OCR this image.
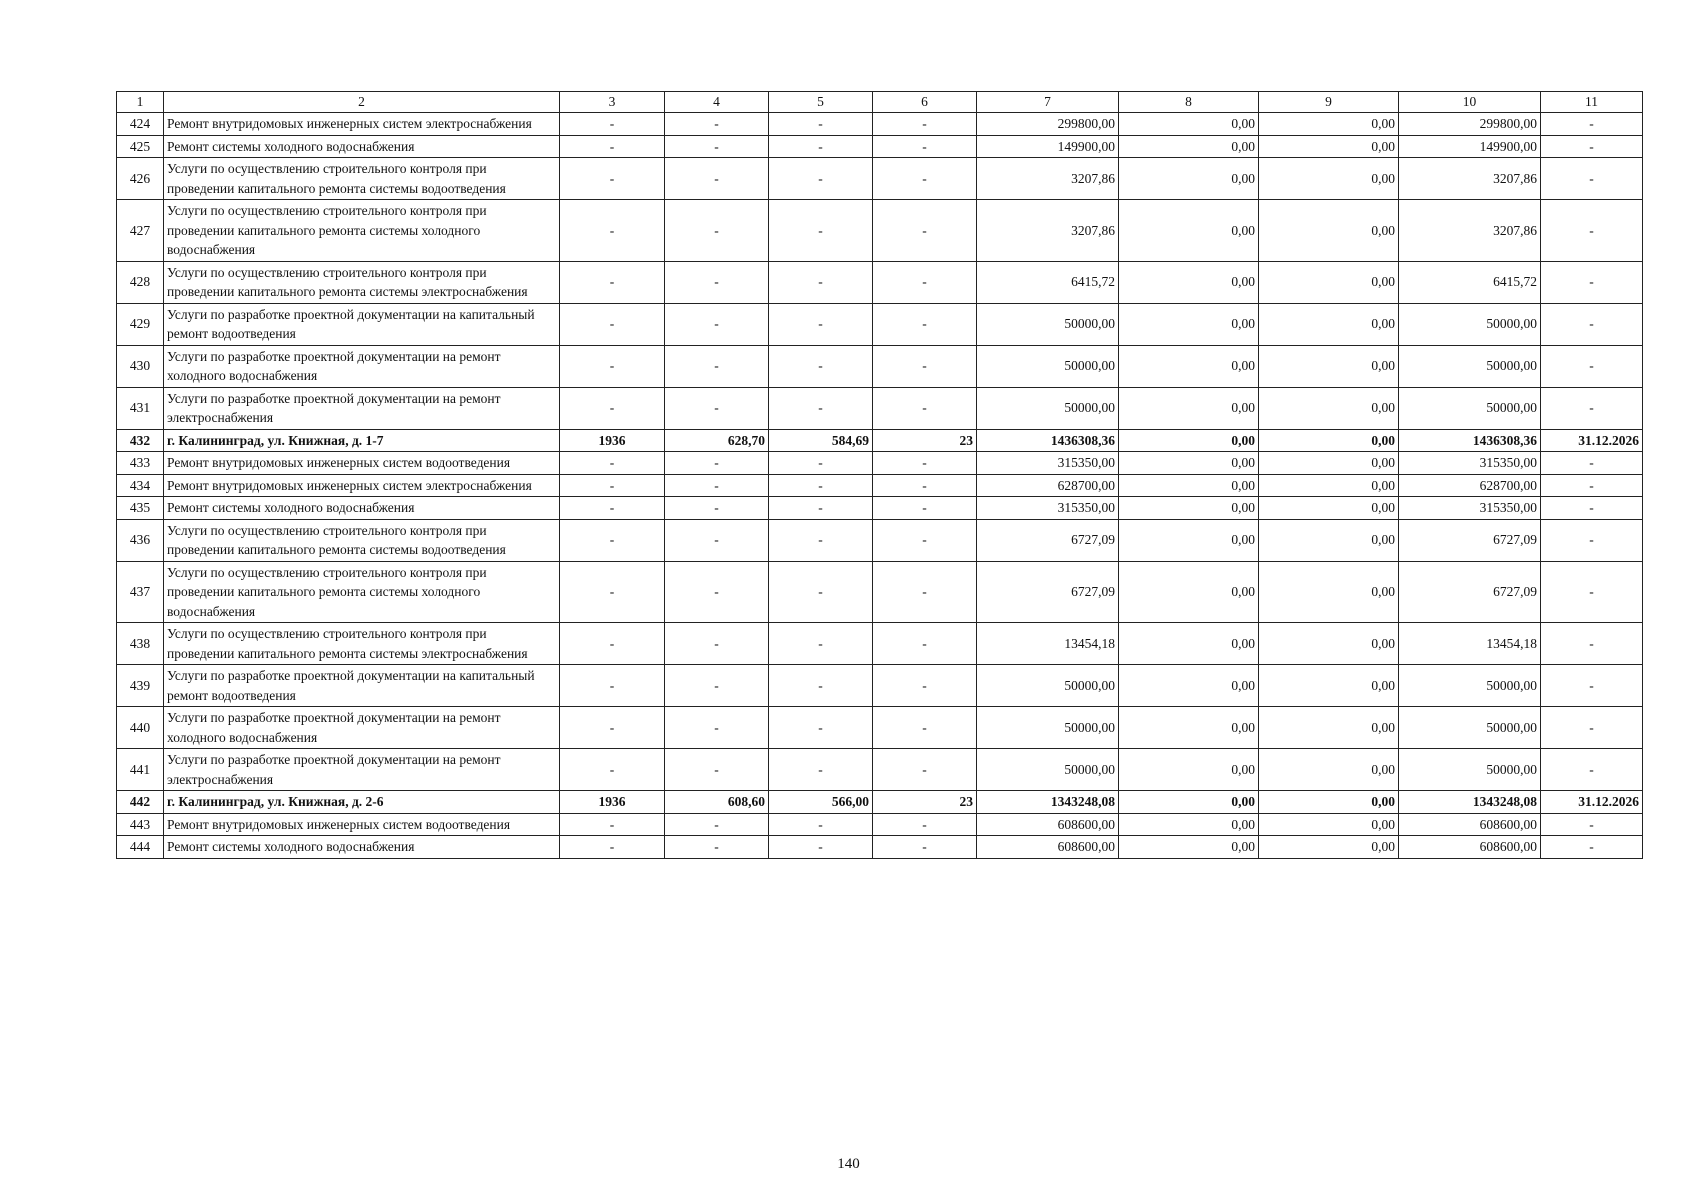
1	2	3	4	5	6	7	8	9	10	11
424	Ремонт внутридомовых инженерных систем электроснабжения	-	-	-	-	299800,00	0,00	0,00	299800,00	-
425	Ремонт системы холодного водоснабжения	-	-	-	-	149900,00	0,00	0,00	149900,00	-
426	Услуги по осуществлению строительного контроля при проведении капитального ремонта системы водоотведения	-	-	-	-	3207,86	0,00	0,00	3207,86	-
427	Услуги по осуществлению строительного контроля при проведении капитального ремонта системы холодного водоснабжения	-	-	-	-	3207,86	0,00	0,00	3207,86	-
428	Услуги по осуществлению строительного контроля при проведении капитального ремонта системы электроснабжения	-	-	-	-	6415,72	0,00	0,00	6415,72	-
429	Услуги по разработке проектной документации на капитальный ремонт водоотведения	-	-	-	-	50000,00	0,00	0,00	50000,00	-
430	Услуги по разработке проектной документации на ремонт холодного водоснабжения	-	-	-	-	50000,00	0,00	0,00	50000,00	-
431	Услуги по разработке проектной документации на ремонт электроснабжения	-	-	-	-	50000,00	0,00	0,00	50000,00	-
432	г. Калининград, ул. Книжная, д. 1-7	1936	628,70	584,69	23	1436308,36	0,00	0,00	1436308,36	31.12.2026
433	Ремонт внутридомовых инженерных систем водоотведения	-	-	-	-	315350,00	0,00	0,00	315350,00	-
434	Ремонт внутридомовых инженерных систем электроснабжения	-	-	-	-	628700,00	0,00	0,00	628700,00	-
435	Ремонт системы холодного водоснабжения	-	-	-	-	315350,00	0,00	0,00	315350,00	-
436	Услуги по осуществлению строительного контроля при проведении капитального ремонта системы водоотведения	-	-	-	-	6727,09	0,00	0,00	6727,09	-
437	Услуги по осуществлению строительного контроля при проведении капитального ремонта системы холодного водоснабжения	-	-	-	-	6727,09	0,00	0,00	6727,09	-
438	Услуги по осуществлению строительного контроля при проведении капитального ремонта системы электроснабжения	-	-	-	-	13454,18	0,00	0,00	13454,18	-
439	Услуги по разработке проектной документации на капитальный ремонт водоотведения	-	-	-	-	50000,00	0,00	0,00	50000,00	-
440	Услуги по разработке проектной документации на ремонт холодного водоснабжения	-	-	-	-	50000,00	0,00	0,00	50000,00	-
441	Услуги по разработке проектной документации на ремонт электроснабжения	-	-	-	-	50000,00	0,00	0,00	50000,00	-
442	г. Калининград, ул. Книжная, д. 2-6	1936	608,60	566,00	23	1343248,08	0,00	0,00	1343248,08	31.12.2026
443	Ремонт внутридомовых инженерных систем водоотведения	-	-	-	-	608600,00	0,00	0,00	608600,00	-
444	Ремонт системы холодного водоснабжения	-	-	-	-	608600,00	0,00	0,00	608600,00	-
140
